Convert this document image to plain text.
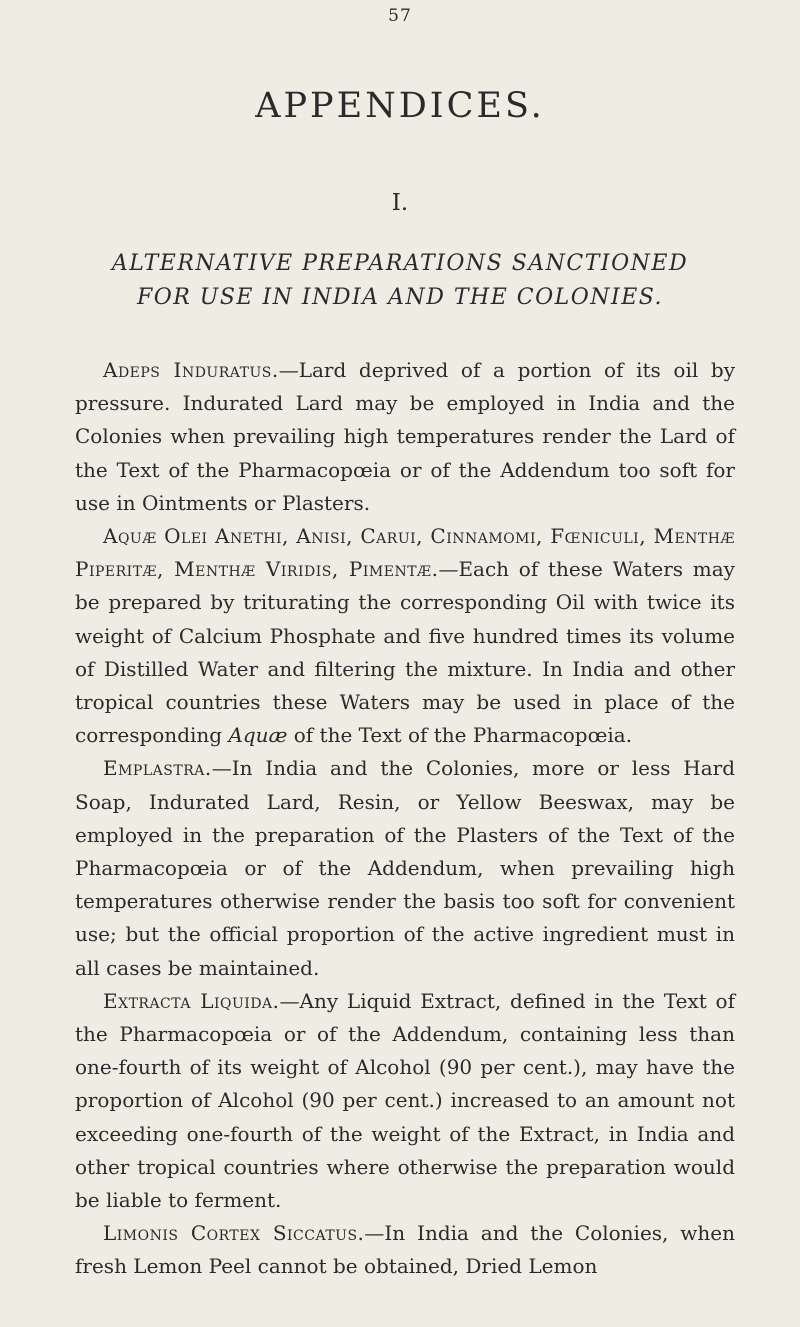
57
APPENDICES.
I.
ALTERNATIVE PREPARATIONS SANCTIONED
FOR USE IN INDIA AND THE COLONIES.

Adeps Induratus.—Lard deprived of a portion of its oil by pressure. Indurated Lard may be employed in India and the Colonies when prevailing high temperatures render the Lard of the Text of the Pharmacopœia or of the Addendum too soft for use in Ointments or Plasters.

Aquæ Olei Anethi, Anisi, Carui, Cinnamomi, Fœniculi, Menthæ Piperitæ, Menthæ Viridis, Pimentæ.—Each of these Waters may be prepared by triturating the corresponding Oil with twice its weight of Calcium Phosphate and five hundred times its volume of Distilled Water and filtering the mixture. In India and other tropical countries these Waters may be used in place of the corresponding Aquæ of the Text of the Pharmacopœia.

Emplastra.—In India and the Colonies, more or less Hard Soap, Indurated Lard, Resin, or Yellow Beeswax, may be employed in the preparation of the Plasters of the Text of the Pharmacopœia or of the Addendum, when prevailing high temperatures otherwise render the basis too soft for convenient use; but the official proportion of the active ingredient must in all cases be maintained.

Extracta Liquida.—Any Liquid Extract, defined in the Text of the Pharmacopœia or of the Addendum, containing less than one-fourth of its weight of Alcohol (90 per cent.), may have the proportion of Alcohol (90 per cent.) increased to an amount not exceeding one-fourth of the weight of the Extract, in India and other tropical countries where otherwise the preparation would be liable to ferment.

Limonis Cortex Siccatus.—In India and the Colonies, when fresh Lemon Peel cannot be obtained, Dried Lemon
